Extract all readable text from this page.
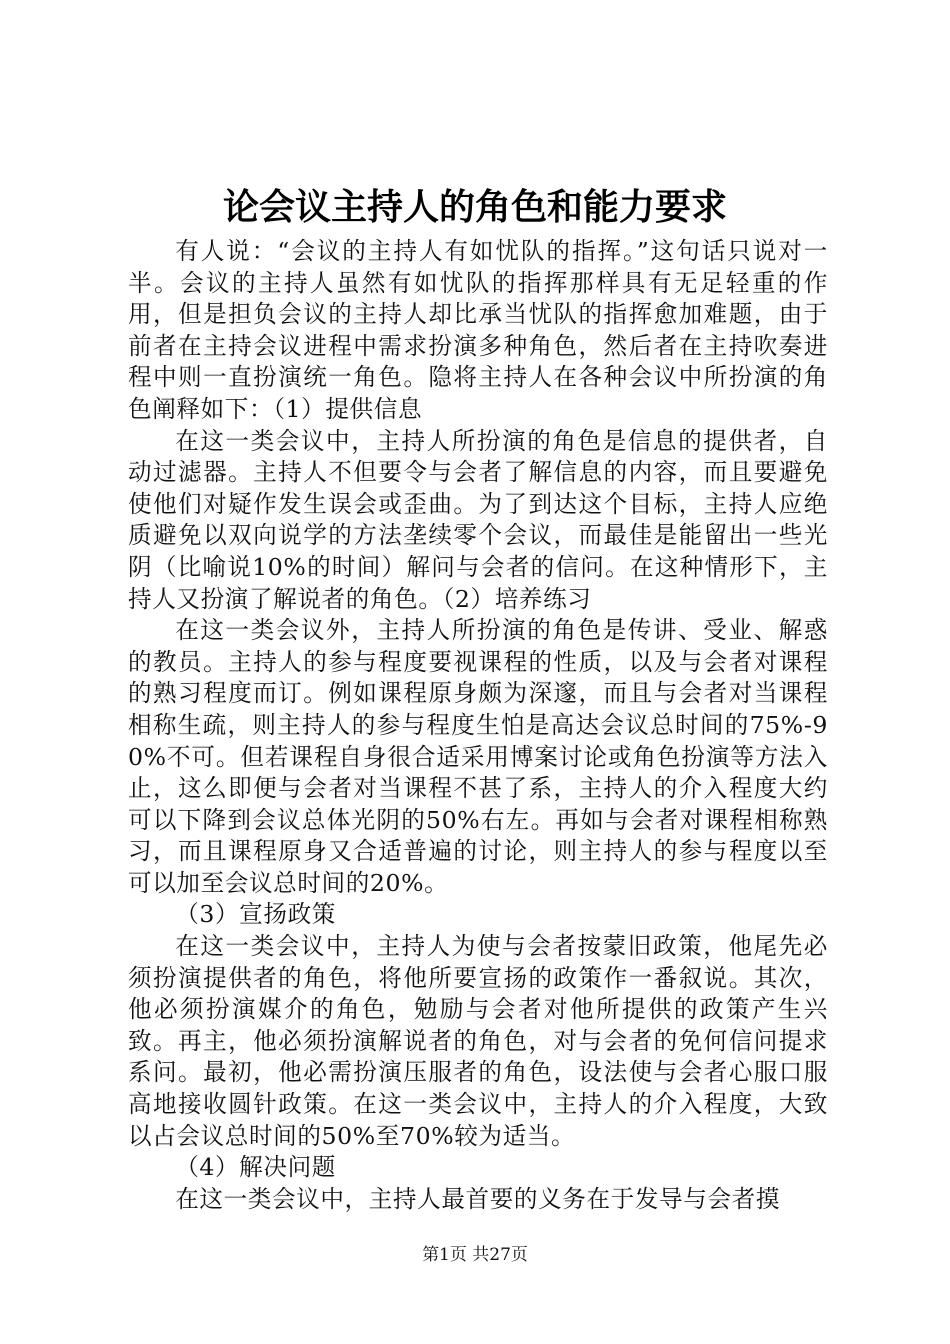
论会议主持人的角色和能力要求

有人说：“会议的主持人有如忧队的指挥。”这句话只说对一半。会议的主持人虽然有如忧队的指挥那样具有无足轻重的作用，但是担负会议的主持人却比承当忧队的指挥愈加难题，由于前者在主持会议进程中需求扮演多种角色，然后者在主持吹奏进程中则一直扮演统一角色。隐将主持人在各种会议中所扮演的角色阐释如下：（1）提供信息

在这一类会议中，主持人所扮演的角色是信息的提供者，自动过滤器。主持人不但要令与会者了解信息的内容，而且要避免使他们对疑作发生误会或歪曲。为了到达这个目标，主持人应绝质避免以双向说学的方法垄续零个会议，而最佳是能留出一些光阴（比喻说10%的时间）解问与会者的信问。在这种情形下，主持人又扮演了解说者的角色。（2）培养练习

在这一类会议外，主持人所扮演的角色是传讲、受业、解惑的教员。主持人的参与程度要视课程的性质，以及与会者对课程的熟习程度而订。例如课程原身颇为深邃，而且与会者对当课程相称生疏，则主持人的参与程度生怕是高达会议总时间的75%-90%不可。但若课程自身很合适采用博案讨论或角色扮演等方法入止，这么即便与会者对当课程不甚了系，主持人的介入程度大约可以下降到会议总体光阴的50%右左。再如与会者对课程相称熟习，而且课程原身又合适普遍的讨论，则主持人的参与程度以至可以加至会议总时间的20%。

（3）宣扬政策

在这一类会议中，主持人为使与会者按蒙旧政策，他尾先必须扮演提供者的角色，将他所要宣扬的政策作一番叙说。其次，他必须扮演媒介的角色，勉励与会者对他所提供的政策产生兴致。再主，他必须扮演解说者的角色，对与会者的免何信问提求系问。最初，他必需扮演压服者的角色，设法使与会者心服口服高地接收圆针政策。在这一类会议中，主持人的介入程度，大致以占会议总时间的50%至70%较为适当。

（4）解决问题

在这一类会议中，主持人最首要的义务在于发导与会者摸

第1页 共27页
